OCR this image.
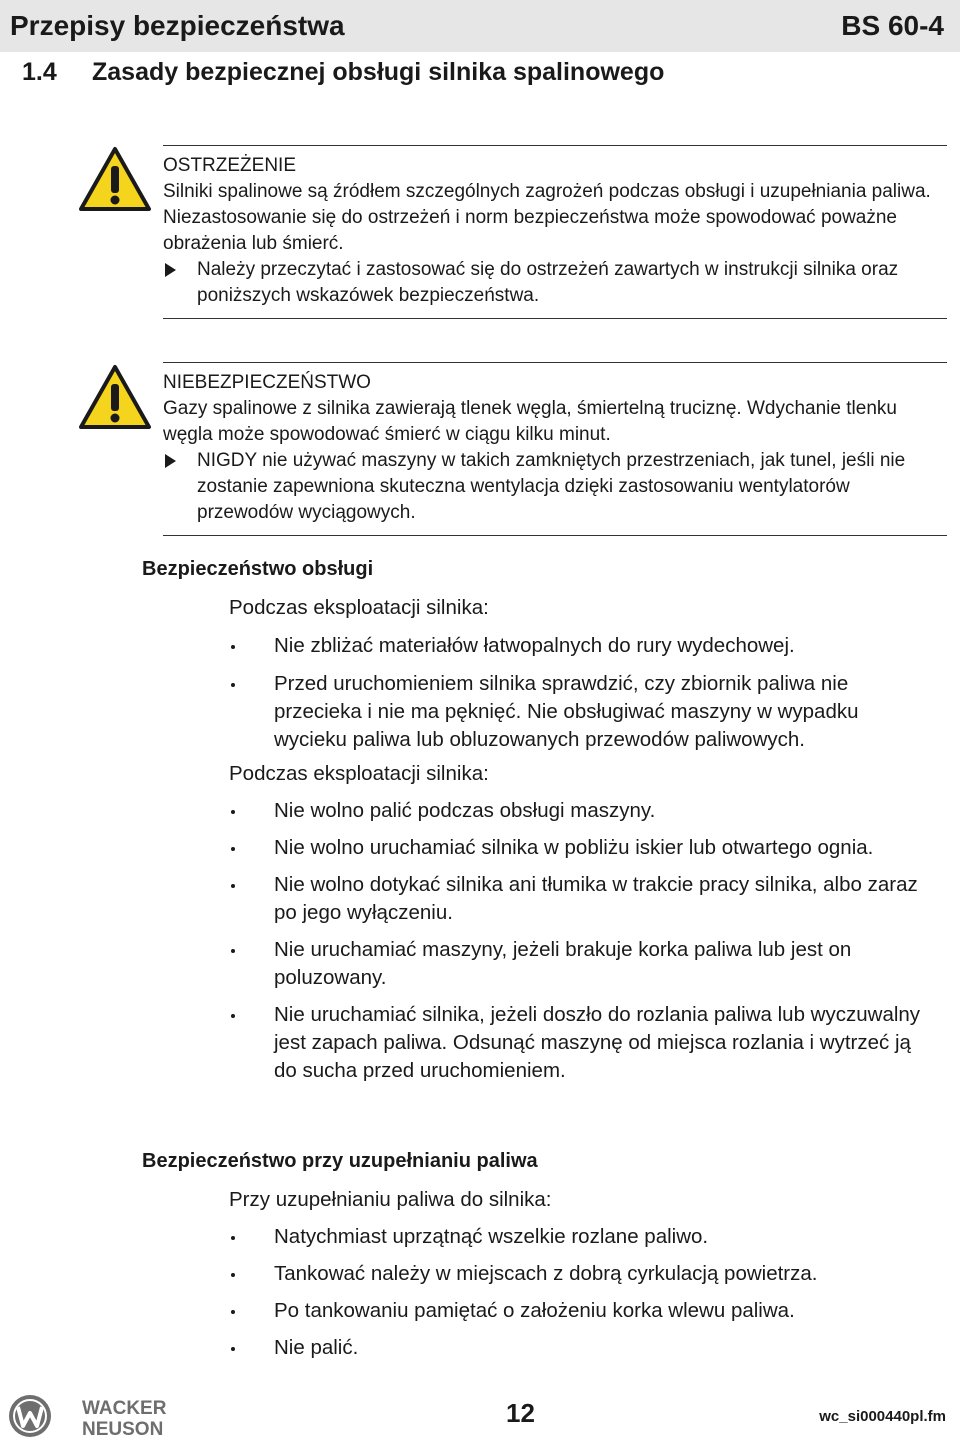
Przepisy bezpieczeństwa	BS 60-4
1.4 Zasady bezpiecznej obsługi silnika spalinowego
OSTRZEŻENIE

Silniki spalinowe są źródłem szczególnych zagrożeń podczas obsługi i uzupełniania paliwa. Niezastosowanie się do ostrzeżeń i norm bezpieczeństwa może spowodować poważne obrażenia lub śmierć.

Należy przeczytać i zastosować się do ostrzeżeń zawartych w instrukcji silnika oraz poniższych wskazówek bezpieczeństwa.

NIEBEZPIECZEŃSTWO

Gazy spalinowe z silnika zawierają tlenek węgla, śmiertelną truciznę. Wdychanie tlenku węgla może spowodować śmierć w ciągu kilku minut.

NIGDY nie używać maszyny w takich zamkniętych przestrzeniach, jak tunel, jeśli nie zostanie zapewniona skuteczna wentylacja dzięki zastosowaniu wentylatorów przewodów wyciągowych.

Bezpieczeństwo obsługi
Podczas eksploatacji silnika:
Nie zbliżać materiałów łatwopalnych do rury wydechowej.
Przed uruchomieniem silnika sprawdzić, czy zbiornik paliwa nie przecieka i nie ma pęknięć. Nie obsługiwać maszyny w wypadku wycieku paliwa lub obluzowanych przewodów paliwowych.
Podczas eksploatacji silnika:
Nie wolno palić podczas obsługi maszyny.
Nie wolno uruchamiać silnika w pobliżu iskier lub otwartego ognia.
Nie wolno dotykać silnika ani tłumika w trakcie pracy silnika, albo zaraz po jego wyłączeniu.
Nie uruchamiać maszyny, jeżeli brakuje korka paliwa lub jest on poluzowany.
Nie uruchamiać silnika, jeżeli doszło do rozlania paliwa lub wyczuwalny jest zapach paliwa. Odsunąć maszynę od miejsca rozlania i wytrzeć ją do sucha przed uruchomieniem.
Bezpieczeństwo przy uzupełnianiu paliwa
Przy uzupełnianiu paliwa do silnika:
Natychmiast uprzątnąć wszelkie rozlane paliwo.
Tankować należy w miejscach z dobrą cyrkulacją powietrza.
Po tankowaniu pamiętać o założeniu korka wlewu paliwa.
Nie palić.
WACKER
NEUSON
12	wc_si000440pl.fm
